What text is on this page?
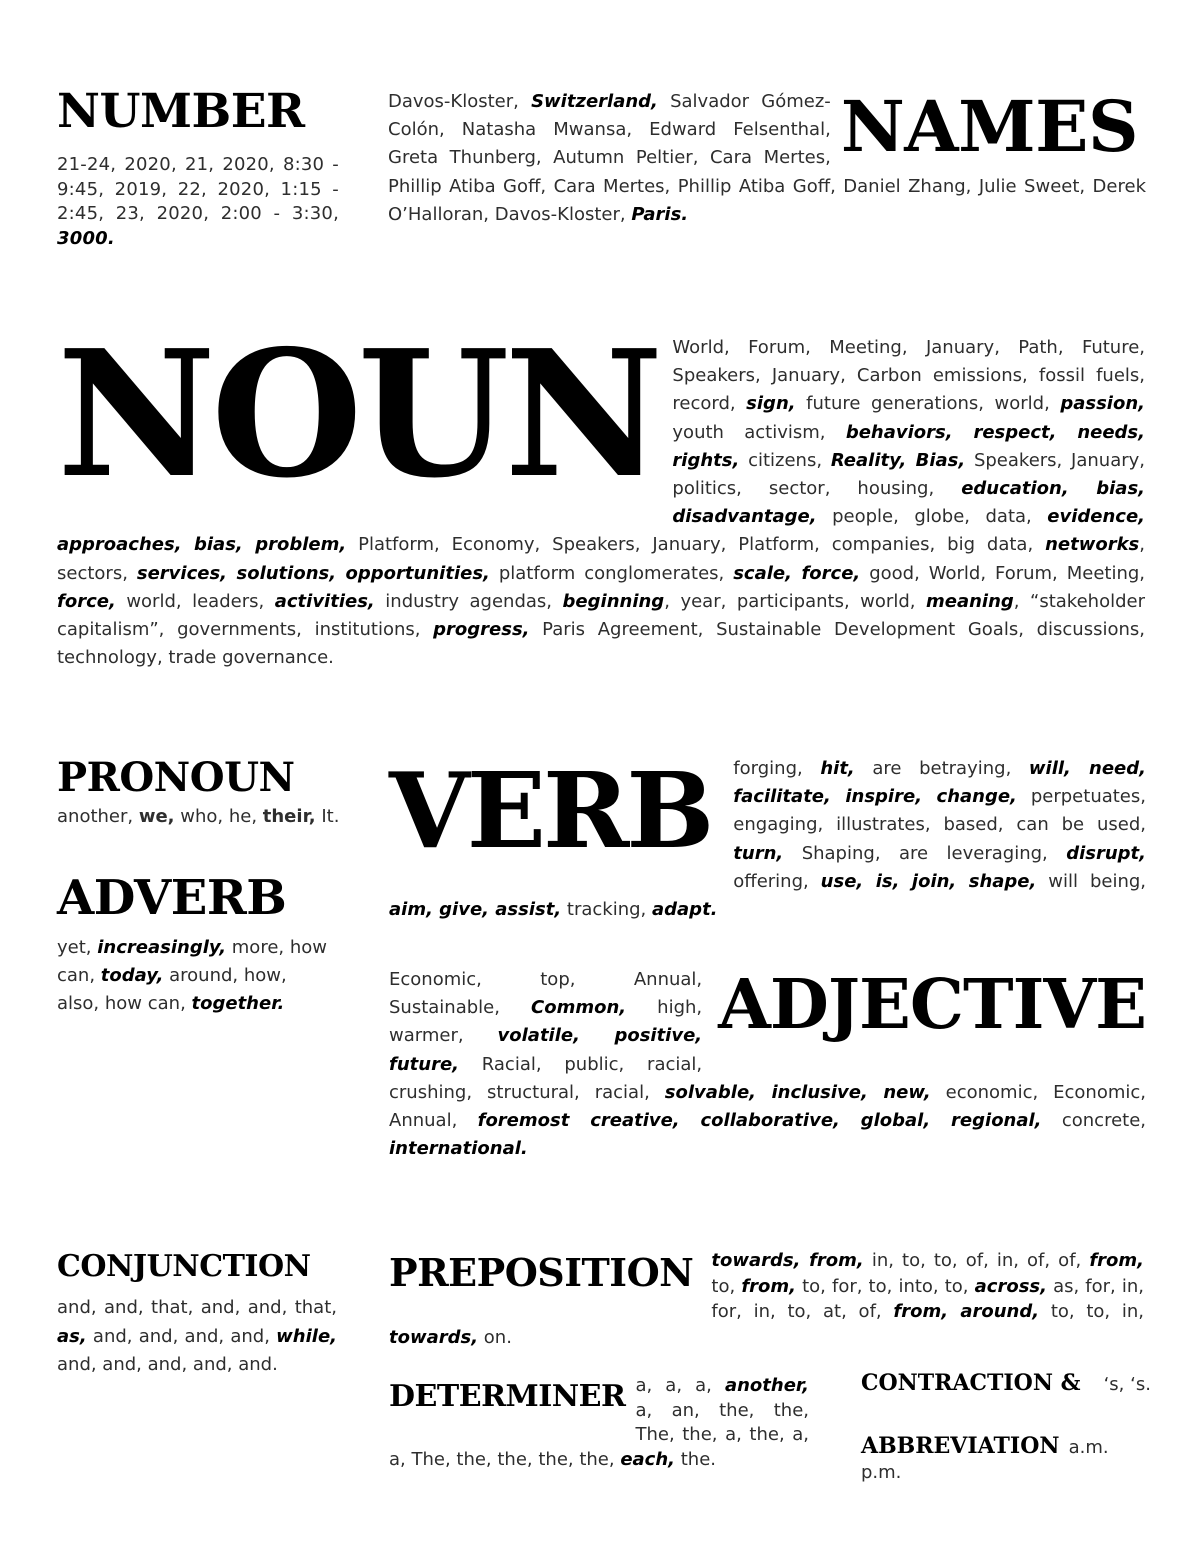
NUMBER
21-24, 2020, 21, 2020, 8:30 - 9:45, 2019, 22, 2020, 1:15 - 2:45, 23, 2020, 2:00 - 3:30, 3000.
NAMES
Davos-Kloster, Switzerland, Salvador Gómez-Colón, Natasha Mwansa, Edward Felsenthal, Greta Thunberg, Autumn Peltier, Cara Mertes, Phillip Atiba Goff, Cara Mertes, Phillip Atiba Goff, Daniel Zhang, Julie Sweet, Derek O’Halloran, Davos-Kloster, Paris.
NOUN World, Forum, Meeting, January, Path, Future, Speakers, January, Carbon emissions, fossil fuels, record, sign, future generations, world, passion, youth activism, behaviors, respect, needs, rights, citizens, Reality, Bias, Speakers, January, politics, sector, housing, education, bias, disadvantage, people, globe, data, evidence, approaches, bias, problem, Platform, Economy, Speakers, January, Platform, companies, big data, networks, sectors, services, solutions, opportunities, platform conglomerates, scale, force, good, World, Forum, Meeting, force, world, leaders, activities, industry agendas, beginning, year, participants, world, meaning, “stakeholder capitalism”, governments, institutions, progress, Paris Agreement, Sustainable Development Goals, discussions, technology, trade governance.
PRONOUN
another, we, who, he, their, It.
ADVERB
yet, increasingly, more, how can, today, around, how, also, how can, together.
VERB	forging, hit, are betraying, will, need, facilitate, inspire, change, perpetuates, engaging, illustrates, based, can be used, turn, Shaping, are leveraging, disrupt, offering, use, is, join, shape, will being, aim, give, assist, tracking, adapt.
ADJECTIVE
Economic, top, Annual, Sustainable, Common, high, warmer, volatile, positive, future, Racial, public, racial, crushing, structural, racial, solvable, inclusive, new, economic, Economic, Annual, foremost creative, collaborative, global, regional, concrete, international.
CONJUNCTION
and, and, that, and, and, that, as, and, and, and, and, while, and, and, and, and, and.
PREPOSITION	towards, from, in, to, to, of, in, of, of, from, to, from, to, for, to, into, to, across, as, for, in, for, in, to, at, of, from, around, to, to, in, towards, on.
DETERMINER a, a, a, another, a, an, the, the, The, the, a, the, a, a, The, the, the, the, the, each, the.
CONTRACTION & ‘s, ‘s.
ABBREVIATION a.m. p.m.
